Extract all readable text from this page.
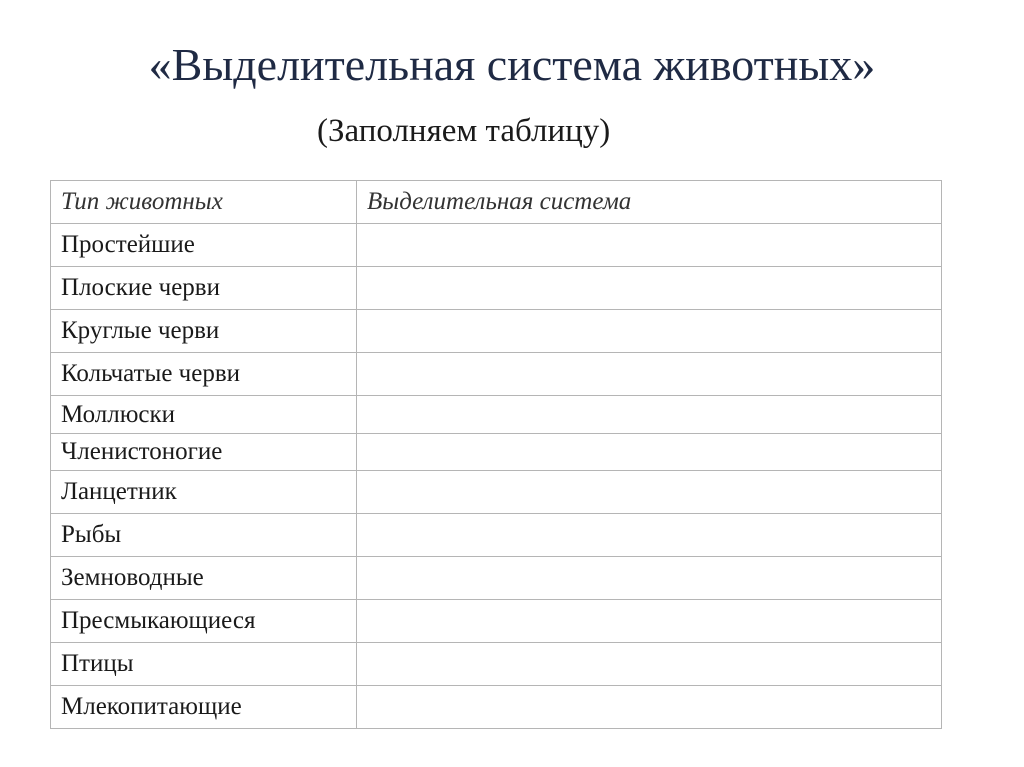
«Выделительная система животных»
(Заполняем таблицу)
Тип животных	Выделительная система
Простейшие	
Плоские черви	
Круглые черви	
Кольчатые черви	
Моллюски	
Членистоногие	
Ланцетник	
Рыбы	
Земноводные	
Пресмыкающиеся	
Птицы	
Млекопитающие	
